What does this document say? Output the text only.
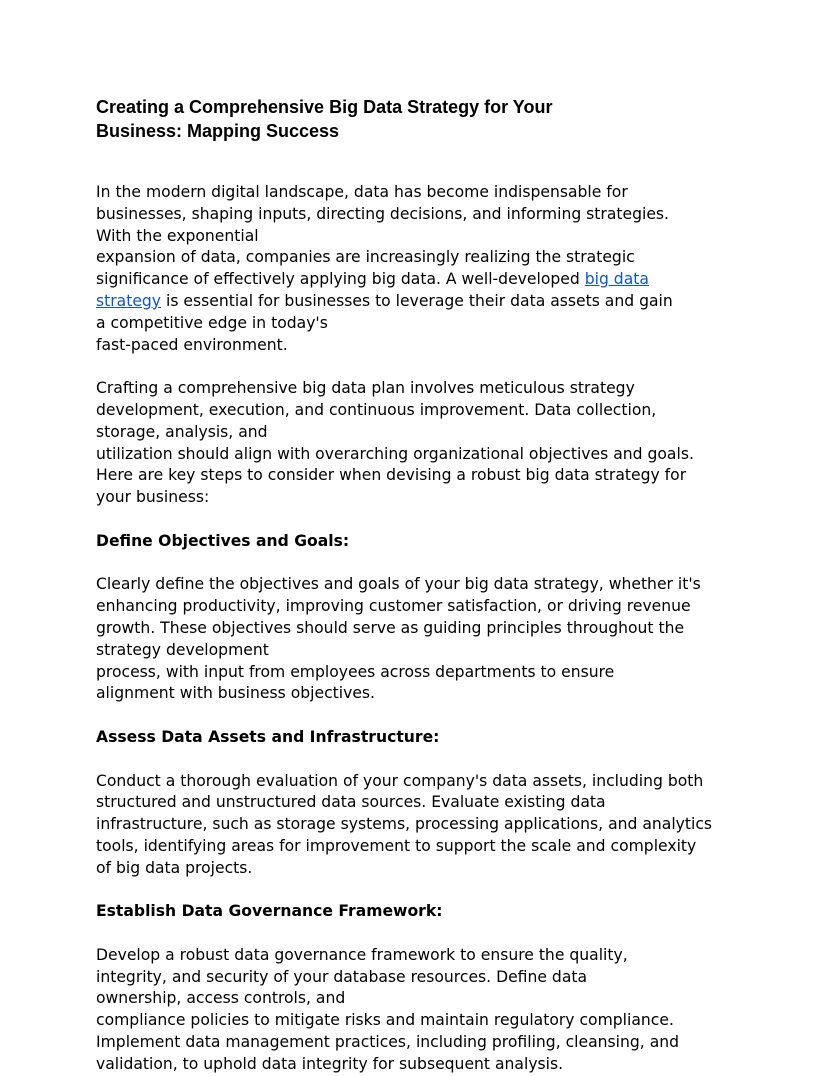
Creating a Comprehensive Big Data Strategy for Your
Business: Mapping Success
In the modern digital landscape, data has become indispensable for
businesses, shaping inputs, directing decisions, and informing strategies.
With the exponential
expansion of data, companies are increasingly realizing the strategic
significance of effectively applying big data. A well-developed big data
strategy is essential for businesses to leverage their data assets and gain
a competitive edge in today's
fast-paced environment.
Crafting a comprehensive big data plan involves meticulous strategy
development, execution, and continuous improvement. Data collection,
storage, analysis, and
utilization should align with overarching organizational objectives and goals.
Here are key steps to consider when devising a robust big data strategy for
your business:
Define Objectives and Goals:
Clearly define the objectives and goals of your big data strategy, whether it's
enhancing productivity, improving customer satisfaction, or driving revenue
growth. These objectives should serve as guiding principles throughout the
strategy development
process, with input from employees across departments to ensure
alignment with business objectives.
Assess Data Assets and Infrastructure:
Conduct a thorough evaluation of your company's data assets, including both
structured and unstructured data sources. Evaluate existing data
infrastructure, such as storage systems, processing applications, and analytics
tools, identifying areas for improvement to support the scale and complexity
of big data projects.
Establish Data Governance Framework:
Develop a robust data governance framework to ensure the quality,
integrity, and security of your database resources. Define data
ownership, access controls, and
compliance policies to mitigate risks and maintain regulatory compliance.
Implement data management practices, including profiling, cleansing, and
validation, to uphold data integrity for subsequent analysis.
